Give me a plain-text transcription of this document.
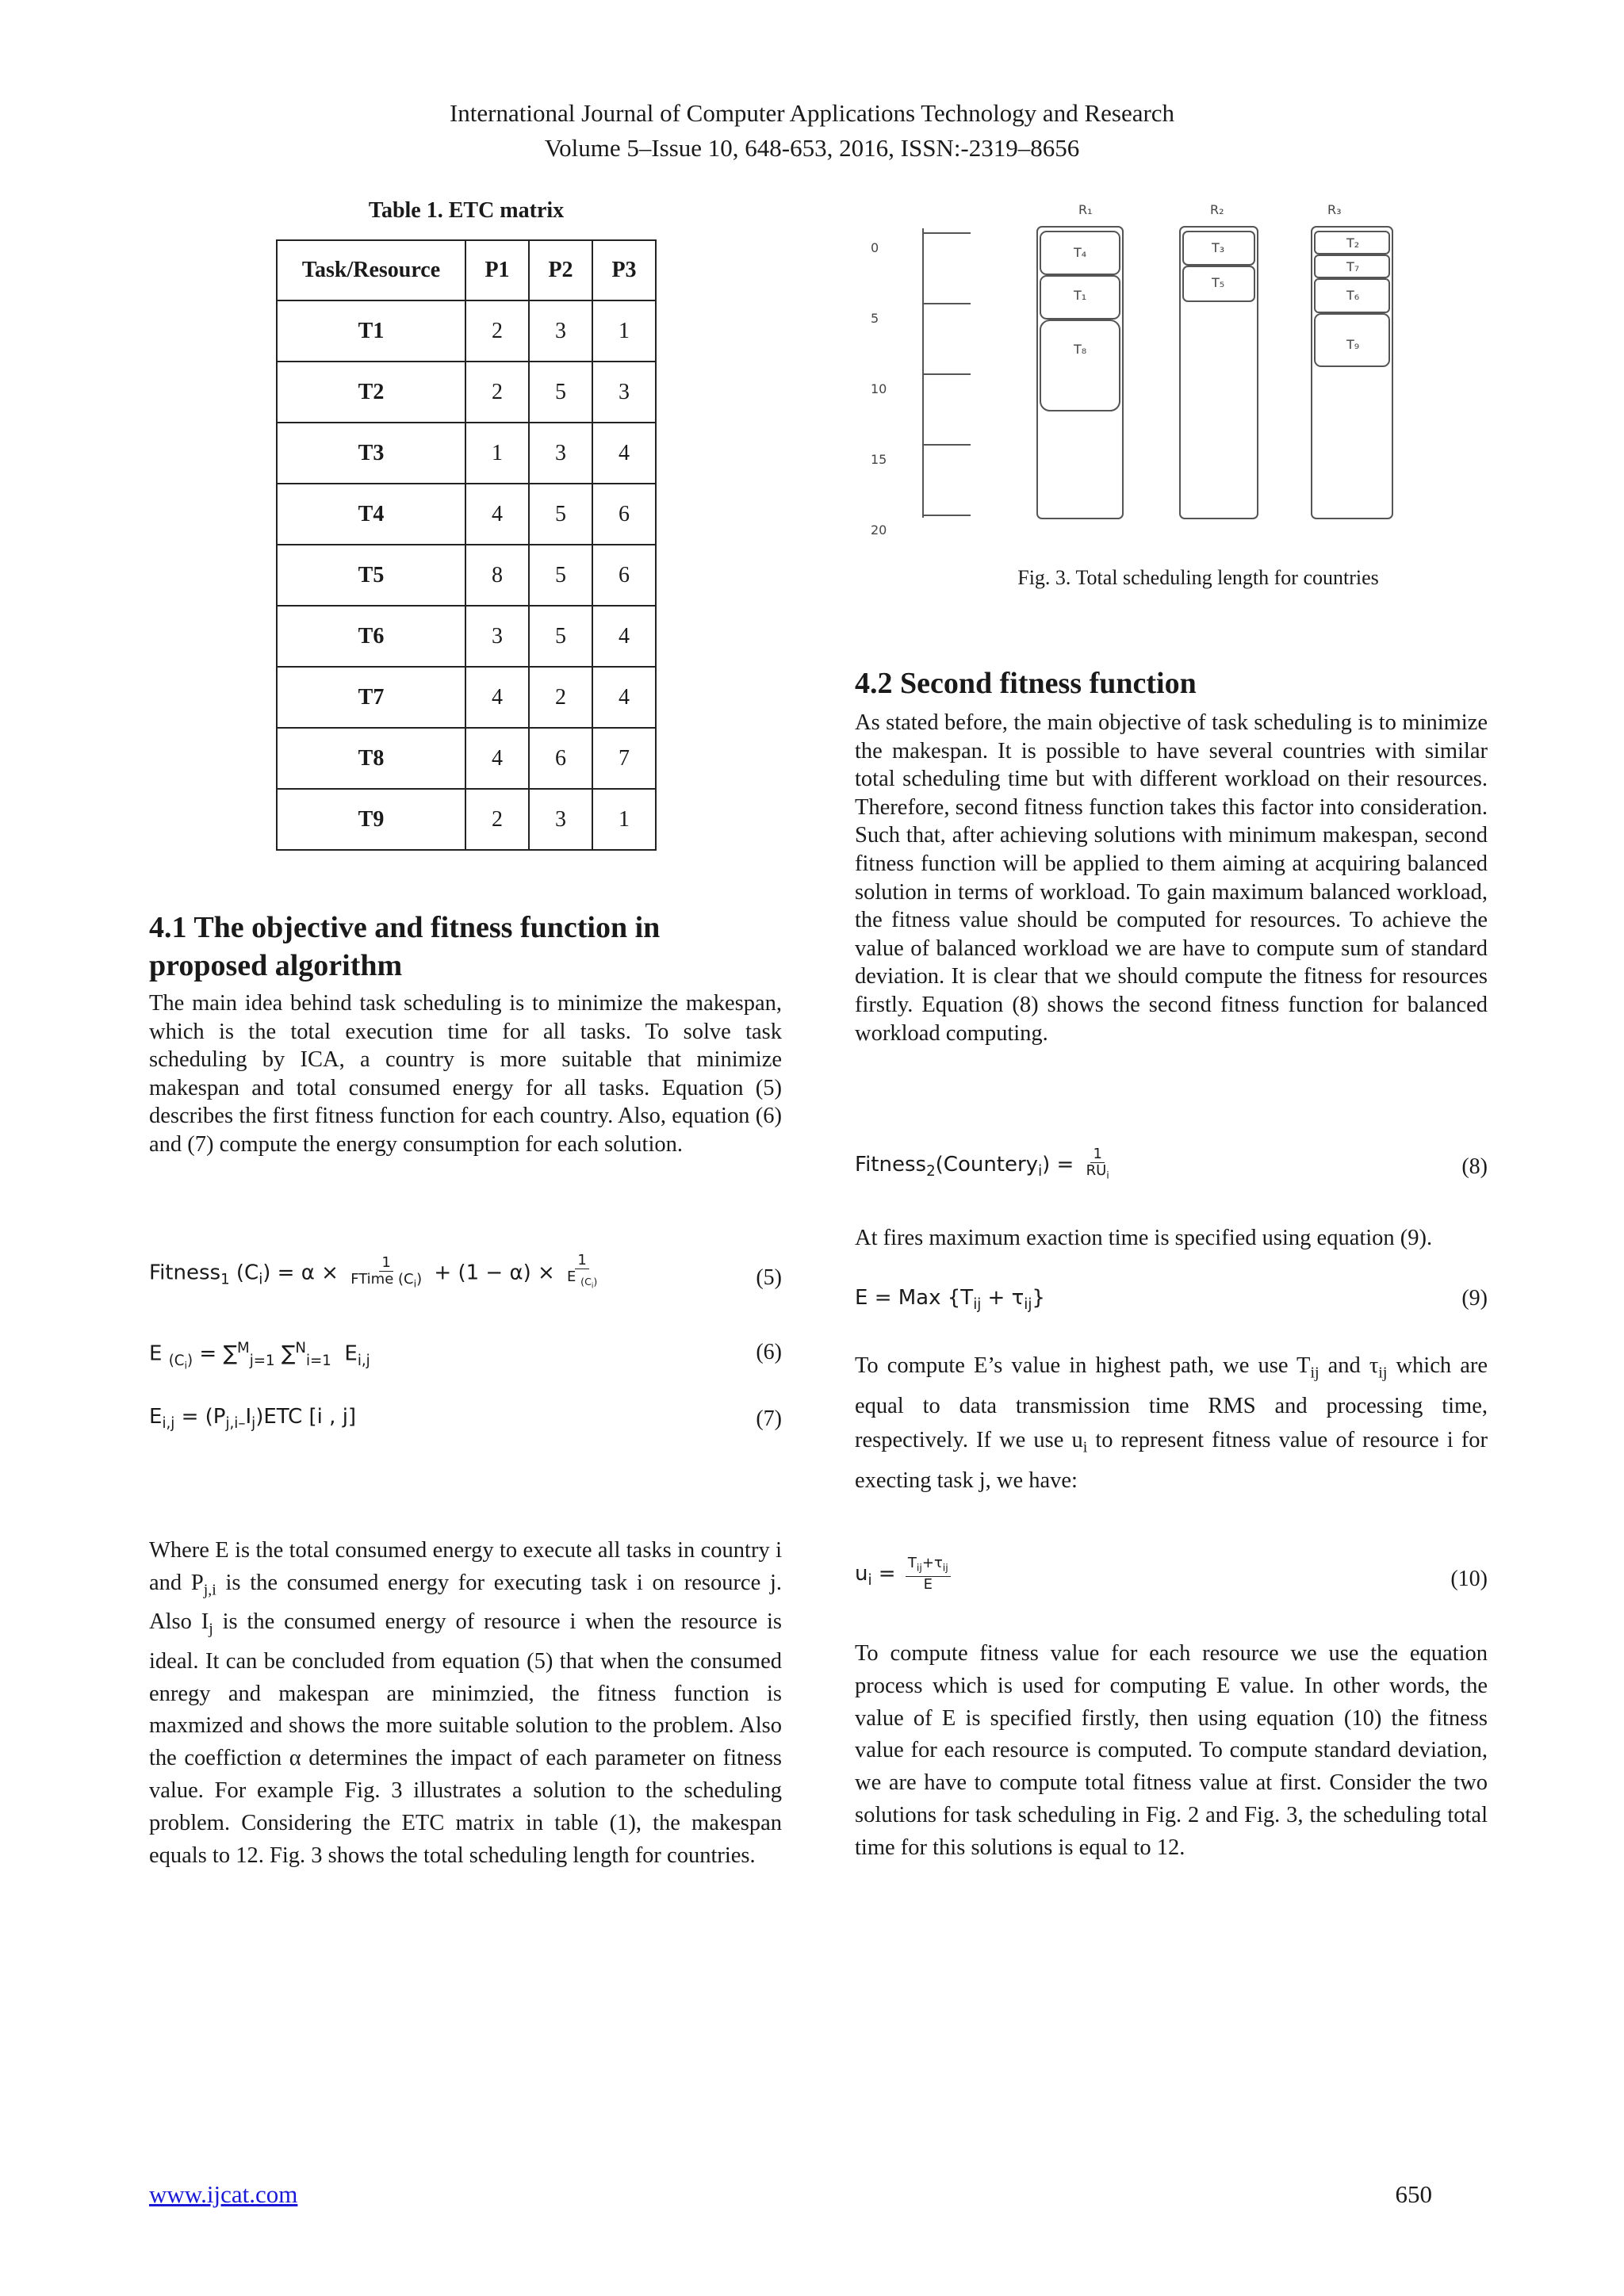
International Journal of Computer Applications Technology and Research
Volume 5–Issue 10, 648-653, 2016, ISSN:-2319–8656
Table 1. ETC matrix
Task/Resource	P1	P2	P3
T1	2	3	1
T2	2	5	3
T3	1	3	4
T4	4	5	6
T5	8	5	6
T6	3	5	4
T7	4	2	4
T8	4	6	7
T9	2	3	1
4.1 The objective and fitness function in
proposed algorithm
The main idea behind task scheduling is to minimize the makespan, which is the total execution time for all tasks. To solve task scheduling by ICA, a country is more suitable that minimize makespan and total consumed energy for all tasks. Equation (5) describes the first fitness function for each country. Also, equation (6) and (7) compute the energy consumption for each solution.
Fitness$_1$ $(C_i) = \alpha \times \frac{1}{FTime (C_i)} + (1 - \alpha) \times \frac{1}{E _{(C_i)}}$	(5)
E $_{(C_i)}$ = ∑$^M_{j=1}$ ∑$^N_{i=1}$  $E_{i,j}$	(6)
$E_{i,j} = (P_{j,i-}I_j)ETC$ [i , j]	(7)
Where E is the total consumed energy to execute all tasks in country i and $P_{j,i}$ is the consumed energy for executing task i on resource j. Also $I_j$ is the consumed energy of resource i when the resource is ideal. It can be concluded from equation (5) that when the consumed enregy and makespan are minimzied, the fitness function is maxmized and shows the more suitable solution to the problem. Also the coeffiction α determines the impact of each parameter on fitness value. For example Fig. 3 illustrates a solution to the scheduling problem. Considering the ETC matrix in table (1), the makespan equals to 12. Fig. 3 shows the total scheduling length for countries.
0
5
10
15
20
R₁	R₂	R₃
T₄
T₁
T₈
T₃
T₅
T₂
T₇
T₆
T₉
Fig. 3. Total scheduling length for countries
4.2 Second fitness function
As stated before, the main objective of task scheduling is to minimize the makespan. It is possible to have several countries with similar total scheduling time but with different workload on their resources. Therefore, second fitness function takes this factor into consideration. Such that, after achieving solutions with minimum makespan, second fitness function will be applied to them aiming at acquiring balanced solution in terms of workload. To gain maximum balanced workload, the fitness value should be computed for resources. To achieve the value of balanced workload we are have to compute sum of standard deviation. It is clear that we should compute the fitness for resources firstly. Equation (8) shows the second fitness function for balanced workload computing.
Fitness$_2$(Countery$_i$) = $\frac{1}{RU_i}$	(8)
At fires maximum exaction time is specified using equation (9).
E = Max $\{T_{ij} + \tau_{ij}\}$	(9)
To compute E’s value in highest path, we use $T_{ij}$ and $\tau_{ij}$ which are equal to data transmission time RMS and processing time, respectively. If we use $u_i$ to represent fitness value of resource i for execting task j, we have:
$u_i = \frac{T_{ij}+\tau_{ij}}{E}$	(10)
To compute fitness value for each resource we use the equation process which is used for computing E value. In other words, the value of E is specified firstly, then using equation (10) the fitness value for each resource is computed. To compute standard deviation, we are have to compute total fitness value at first. Consider the two solutions for task scheduling in Fig. 2 and Fig. 3, the scheduling total time for this solutions is equal to 12.
www.ijcat.com	650
